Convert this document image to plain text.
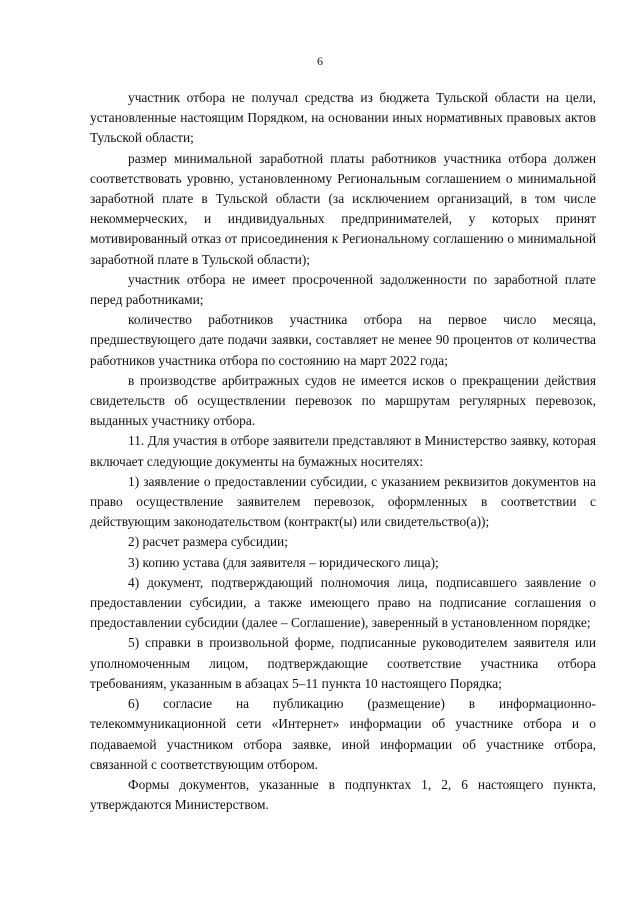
6

участник отбора не получал средства из бюджета Тульской области на цели, установленные настоящим Порядком, на основании иных нормативных правовых актов Тульской области;

размер минимальной заработной платы работников участника отбора должен соответствовать уровню, установленному Региональным соглашением о минимальной заработной плате в Тульской области (за исключением организаций, в том числе некоммерческих, и индивидуальных предпринимателей, у которых принят мотивированный отказ от присоединения к Региональному соглашению о минимальной заработной плате в Тульской области);

участник отбора не имеет просроченной задолженности по заработной плате перед работниками;

количество работников участника отбора на первое число месяца, предшествующего дате подачи заявки, составляет не менее 90 процентов от количества работников участника отбора по состоянию на март 2022 года;

в производстве арбитражных судов не имеется исков о прекращении действия свидетельств об осуществлении перевозок по маршрутам регулярных перевозок, выданных участнику отбора.

11. Для участия в отборе заявители представляют в Министерство заявку, которая включает следующие документы на бумажных носителях:

1) заявление о предоставлении субсидии, с указанием реквизитов документов на право осуществление заявителем перевозок, оформленных в соответствии с действующим законодательством (контракт(ы) или свидетельство(а));

2) расчет размера субсидии;

3) копию устава (для заявителя – юридического лица);

4) документ, подтверждающий полномочия лица, подписавшего заявление о предоставлении субсидии, а также имеющего право на подписание соглашения о предоставлении субсидии (далее – Соглашение), заверенный в установленном порядке;

5) справки в произвольной форме, подписанные руководителем заявителя или уполномоченным лицом, подтверждающие соответствие участника отбора требованиям, указанным в абзацах 5–11 пункта 10 настоящего Порядка;

6) согласие на публикацию (размещение) в информационно-телекоммуникационной сети «Интернет» информации об участнике отбора и о подаваемой участником отбора заявке, иной информации об участнике отбора, связанной с соответствующим отбором.

Формы документов, указанные в подпунктах 1, 2, 6 настоящего пункта, утверждаются Министерством.
